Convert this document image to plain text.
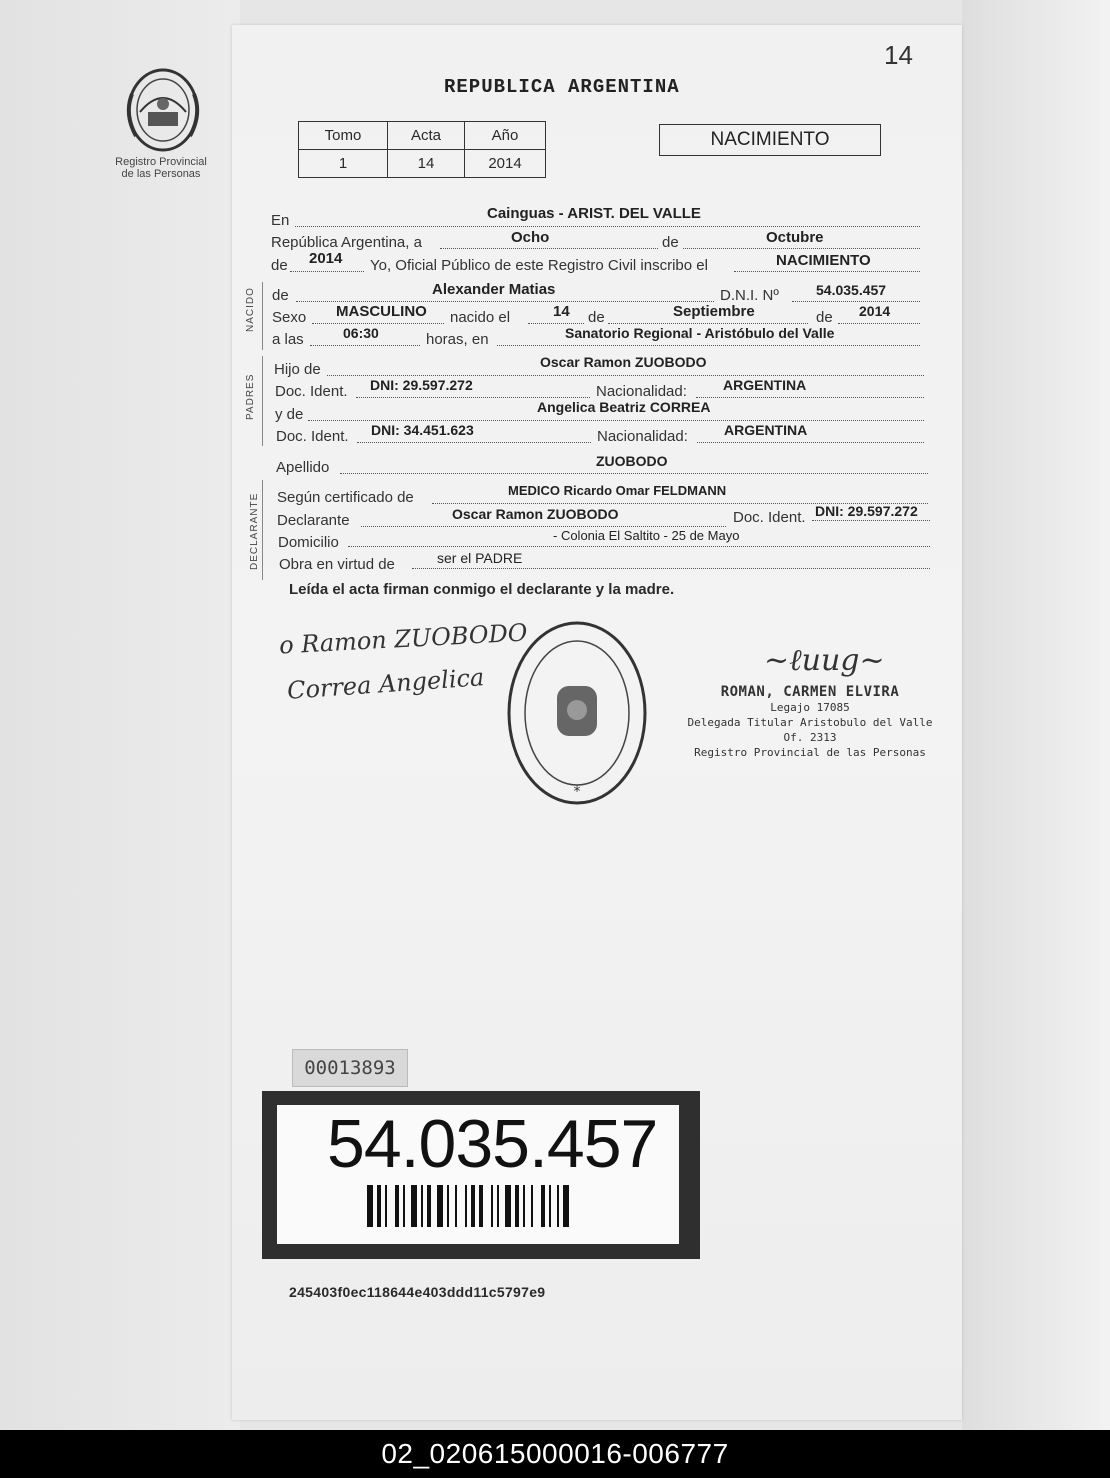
14
Registro Provincial
de las Personas
REPUBLICA ARGENTINA
Tomo	Acta	Año
1	14	2014
NACIMIENTO
NACIDO
PADRES
DECLARANTE
En	Cainguas - ARIST. DEL VALLE
República Argentina, a	Ocho	de	Octubre
de 2014 Yo, Oficial Público de este Registro Civil inscribo el	NACIMIENTO
de	Alexander Matias	D.N.I. Nº	54.035.457
Sexo MASCULINO nacido el	14 de	Septiembre	de 2014
a las	06:30	horas, en	Sanatorio Regional - Aristóbulo del Valle
Hijo de	Oscar Ramon ZUOBODO
Doc. Ident. DNI: 29.597.272	Nacionalidad:	ARGENTINA
y de	Angelica Beatriz CORREA
Doc. Ident. DNI: 34.451.623	Nacionalidad:	ARGENTINA
Apellido	ZUOBODO
Según certificado de	MEDICO Ricardo Omar FELDMANN
Declarante	Oscar Ramon ZUOBODO	Doc. Ident. DNI: 29.597.272
Domicilio	- Colonia El Saltito - 25 de Mayo
Obra en virtud de	ser el PADRE
Leída el acta firman conmigo el declarante y la madre.
o Ramon ZUOBODO
Correa Angelica
*
~ℓuug~
ROMAN, CARMEN ELVIRA
Legajo 17085
Delegada Titular Aristobulo del Valle Of. 2313
Registro Provincial de las Personas
00013893
54.035.457
245403f0ec118644e403ddd11c5797e9
02_020615000016-006777
